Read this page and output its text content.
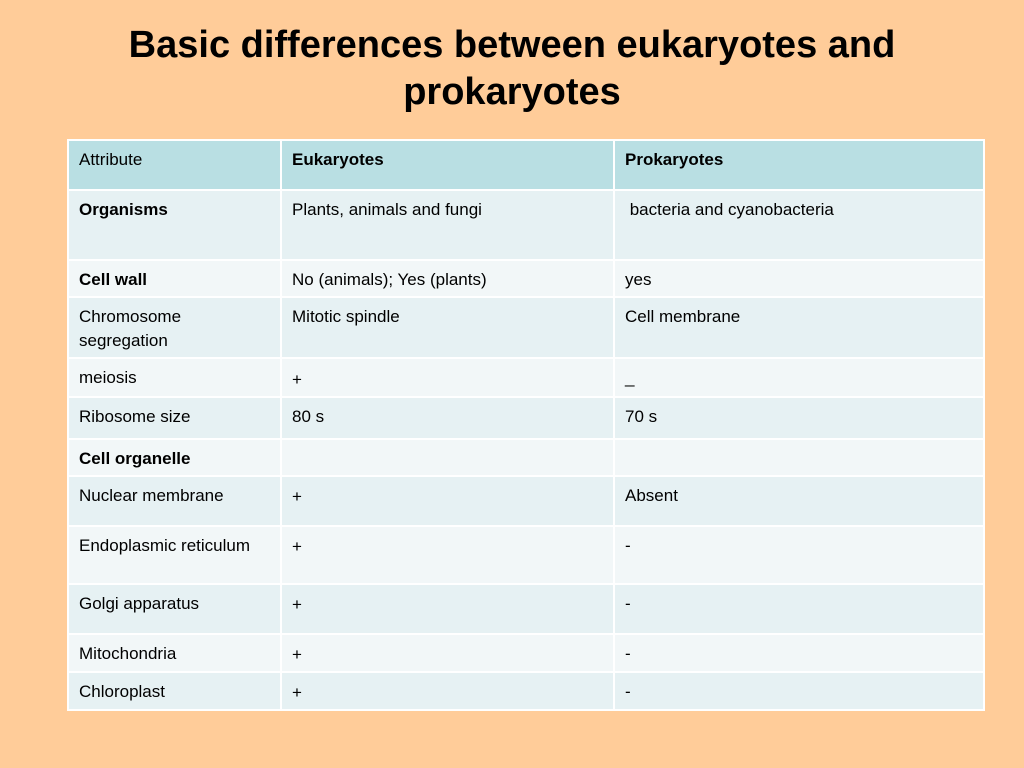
Basic differences between eukaryotes and
prokaryotes
Attribute	Eukaryotes	Prokaryotes
Organisms	Plants, animals and fungi	bacteria and cyanobacteria
Cell wall	No (animals); Yes (plants)	yes
Chromosome segregation	Mitotic spindle	Cell membrane
meiosis	+	_
Ribosome size	80 s	70 s
Cell organelle		
Nuclear membrane	+	Absent
Endoplasmic reticulum	+	-
Golgi apparatus	+	-
Mitochondria	+	-
Chloroplast	+	-
